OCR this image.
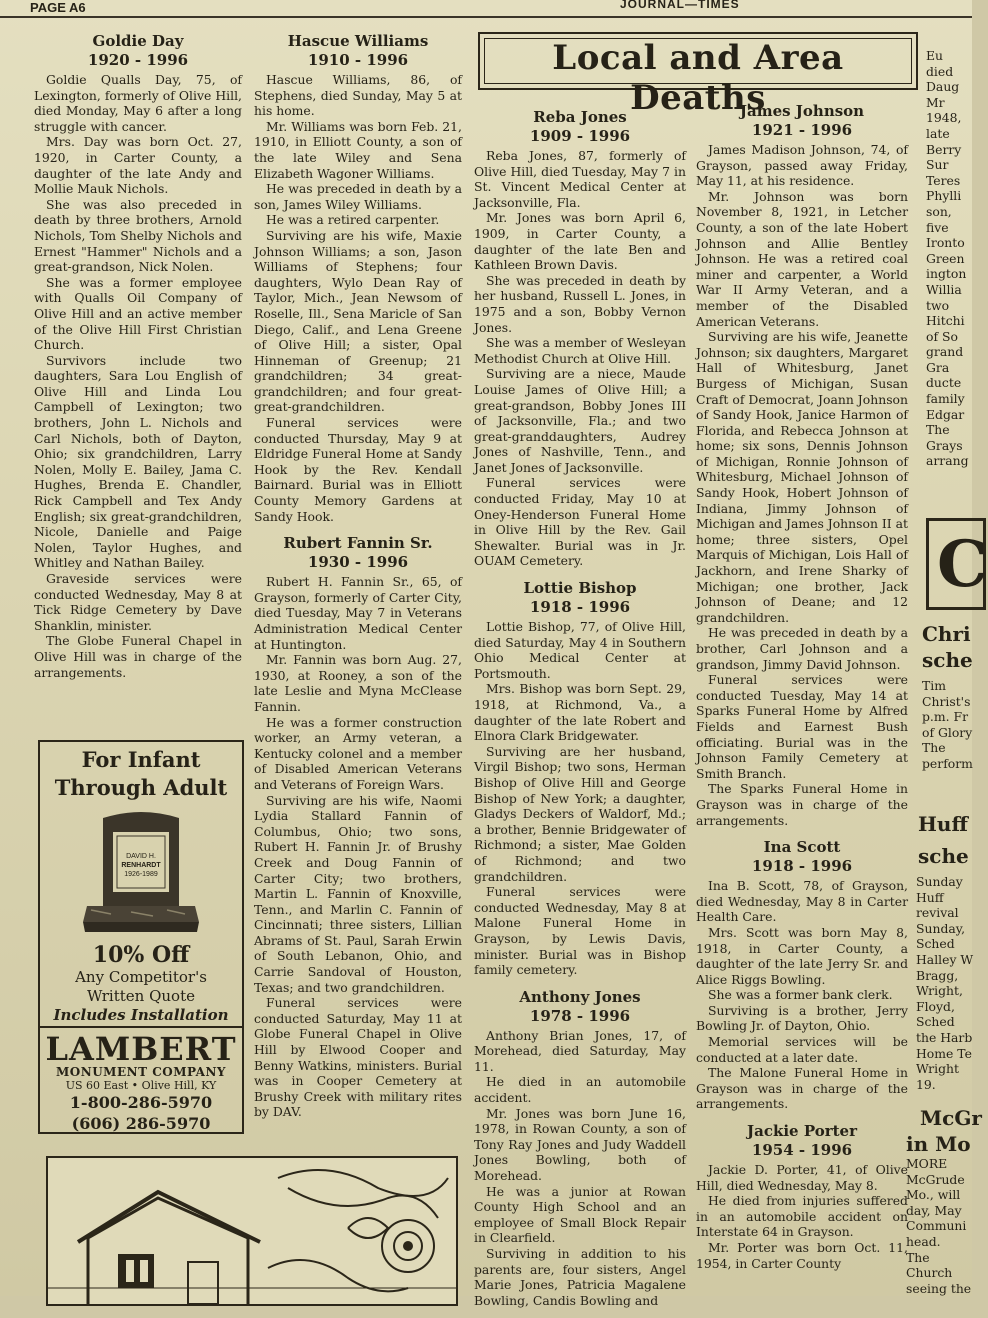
PAGE A6	JOURNAL—TIMES
Goldie Day
1920 - 1996

Goldie Qualls Day, 75, of Lexington, formerly of Olive Hill, died Monday, May 6 after a long struggle with cancer.

Mrs. Day was born Oct. 27, 1920, in Carter County, a daughter of the late Andy and Mollie Mauk Nichols.

She was also preceded in death by three brothers, Arnold Nichols, Tom Shelby Nichols and Ernest "Hammer" Nichols and a great-grandson, Nick Nolen.

She was a former employee with Qualls Oil Company of Olive Hill and an active member of the Olive Hill First Christian Church.

Survivors include two daughters, Sara Lou English of Olive Hill and Linda Lou Campbell of Lexington; two brothers, John L. Nichols and Carl Nichols, both of Dayton, Ohio; six grandchildren, Larry Nolen, Molly E. Bailey, Jama C. Hughes, Brenda E. Chandler, Rick Campbell and Tex Andy English; six great-grandchildren, Nicole, Danielle and Paige Nolen, Taylor Hughes, and Whitley and Nathan Bailey.

Graveside services were conducted Wednesday, May 8 at Tick Ridge Cemetery by Dave Shanklin, minister.

The Globe Funeral Chapel in Olive Hill was in charge of the arrangements.

For Infant
Through Adult
DAVID H.
RENHARDT
1926-1989
10% Off
Any Competitor's
Written Quote
Includes Installation
LAMBERT
MONUMENT COMPANY
US 60 East • Olive Hill, KY
1-800-286-5970
(606) 286-5970
Hascue Williams
1910 - 1996

Hascue Williams, 86, of Stephens, died Sunday, May 5 at his home.

Mr. Williams was born Feb. 21, 1910, in Elliott County, a son of the late Wiley and Sena Elizabeth Wagoner Williams.

He was preceded in death by a son, James Wiley Williams.

He was a retired carpenter.

Surviving are his wife, Maxie Johnson Williams; a son, Jason Williams of Stephens; four daughters, Wylo Dean Ray of Taylor, Mich., Jean Newsom of Roselle, Ill., Sena Maricle of San Diego, Calif., and Lena Greene of Olive Hill; a sister, Opal Hinneman of Greenup; 21 grandchildren; 34 great-grandchildren; and four great-great-grandchildren.

Funeral services were conducted Thursday, May 9 at Eldridge Funeral Home at Sandy Hook by the Rev. Kendall Bairnard. Burial was in Elliott County Memory Gardens at Sandy Hook.

Rubert Fannin Sr.
1930 - 1996

Rubert H. Fannin Sr., 65, of Grayson, formerly of Carter City, died Tuesday, May 7 in Veterans Administration Medical Center at Huntington.

Mr. Fannin was born Aug. 27, 1930, at Rooney, a son of the late Leslie and Myna McClease Fannin.

He was a former construction worker, an Army veteran, a Kentucky colonel and a member of Disabled American Veterans and Veterans of Foreign Wars.

Surviving are his wife, Naomi Lydia Stallard Fannin of Columbus, Ohio; two sons, Rubert H. Fannin Jr. of Brushy Creek and Doug Fannin of Carter City; two brothers, Martin L. Fannin of Knoxville, Tenn., and Marlin C. Fannin of Cincinnati; three sisters, Lillian Abrams of St. Paul, Sarah Erwin of South Lebanon, Ohio, and Carrie Sandoval of Houston, Texas; and two grandchildren.

Funeral services were conducted Saturday, May 11 at Globe Funeral Chapel in Olive Hill by Elwood Cooper and Benny Watkins, ministers. Burial was in Cooper Cemetery at Brushy Creek with military rites by DAV.

Local and Area Deaths
Reba Jones
1909 - 1996

Reba Jones, 87, formerly of Olive Hill, died Tuesday, May 7 in St. Vincent Medical Center at Jacksonville, Fla.

Mr. Jones was born April 6, 1909, in Carter County, a daughter of the late Ben and Kathleen Brown Davis.

She was preceded in death by her husband, Russell L. Jones, in 1975 and a son, Bobby Vernon Jones.

She was a member of Wesleyan Methodist Church at Olive Hill.

Surviving are a niece, Maude Louise James of Olive Hill; a great-grandson, Bobby Jones III of Jacksonville, Fla.; and two great-granddaughters, Audrey Jones of Nashville, Tenn., and Janet Jones of Jacksonville.

Funeral services were conducted Friday, May 10 at Oney-Henderson Funeral Home in Olive Hill by the Rev. Gail Shewalter. Burial was in Jr. OUAM Cemetery.

Lottie Bishop
1918 - 1996

Lottie Bishop, 77, of Olive Hill, died Saturday, May 4 in Southern Ohio Medical Center at Portsmouth.

Mrs. Bishop was born Sept. 29, 1918, at Richmond, Va., a daughter of the late Robert and Elnora Clark Bridgewater.

Surviving are her husband, Virgil Bishop; two sons, Herman Bishop of Olive Hill and George Bishop of New York; a daughter, Gladys Deckers of Waldorf, Md.; a brother, Bennie Bridgewater of Richmond; a sister, Mae Golden of Richmond; and two grandchildren.

Funeral services were conducted Wednesday, May 8 at Malone Funeral Home in Grayson, by Lewis Davis, minister. Burial was in Bishop family cemetery.

Anthony Jones
1978 - 1996

Anthony Brian Jones, 17, of Morehead, died Saturday, May 11.

He died in an automobile accident.

Mr. Jones was born June 16, 1978, in Rowan County, a son of Tony Ray Jones and Judy Waddell Jones Bowling, both of Morehead.

He was a junior at Rowan County High School and an employee of Small Block Repair in Clearfield.

Surviving in addition to his parents are, four sisters, Angel Marie Jones, Patricia Magalene Bowling, Candis Bowling and

James Johnson
1921 - 1996

James Madison Johnson, 74, of Grayson, passed away Friday, May 11, at his residence.

Mr. Johnson was born November 8, 1921, in Letcher County, a son of the late Hobert Johnson and Allie Bentley Johnson. He was a retired coal miner and carpenter, a World War II Army Veteran, and a member of the Disabled American Veterans.

Surviving are his wife, Jeanette Johnson; six daughters, Margaret Hall of Whitesburg, Janet Burgess of Michigan, Susan Craft of Democrat, Joann Johnson of Sandy Hook, Janice Harmon of Florida, and Rebecca Johnson at home; six sons, Dennis Johnson of Michigan, Ronnie Johnson of Whitesburg, Michael Johnson of Sandy Hook, Hobert Johnson of Indiana, Jimmy Johnson of Michigan and James Johnson II at home; three sisters, Opel Marquis of Michigan, Lois Hall of Jackhorn, and Irene Sharky of Michigan; one brother, Jack Johnson of Deane; and 12 grandchildren.

He was preceded in death by a brother, Carl Johnson and a grandson, Jimmy David Johnson.

Funeral services were conducted Tuesday, May 14 at Sparks Funeral Home by Alfred Fields and Earnest Bush officiating. Burial was in the Johnson Family Cemetery at Smith Branch.

The Sparks Funeral Home in Grayson was in charge of the arrangements.

Ina Scott
1918 - 1996

Ina B. Scott, 78, of Grayson, died Wednesday, May 8 in Carter Health Care.

Mrs. Scott was born May 8, 1918, in Carter County, a daughter of the late Jerry Sr. and Alice Riggs Bowling.

She was a former bank clerk.

Surviving is a brother, Jerry Bowling Jr. of Dayton, Ohio.

Memorial services will be conducted at a later date.

The Malone Funeral Home in Grayson was in charge of the arrangements.

Jackie Porter
1954 - 1996

Jackie D. Porter, 41, of Olive Hill, died Wednesday, May 8.

He died from injuries suffered in an automobile accident on Interstate 64 in Grayson.

Mr. Porter was born Oct. 11, 1954, in Carter County

Eu
died
Daug
Mr
1948,
late
Berry
Sur
Teres
Phylli
son,
five
Ironto
Green
ington
Willia
two
Hitchi
of So
grand
Gra
ducte
family
Edgar
The
Grays
arrang
C
Chri
sche
Tim
Christ's
p.m. Fr
of Glory
The
perform
Huff
sche
Sunday
Huff
revival
Sunday,
Sched
Halley W
Bragg,
Wright,
Floyd,
Sched
the Harb
Home Te
Wright
19.
McGr
in Mo
MORE
McGrude
Mo., will
day, May
Communi
head.
The
Church
seeing the
